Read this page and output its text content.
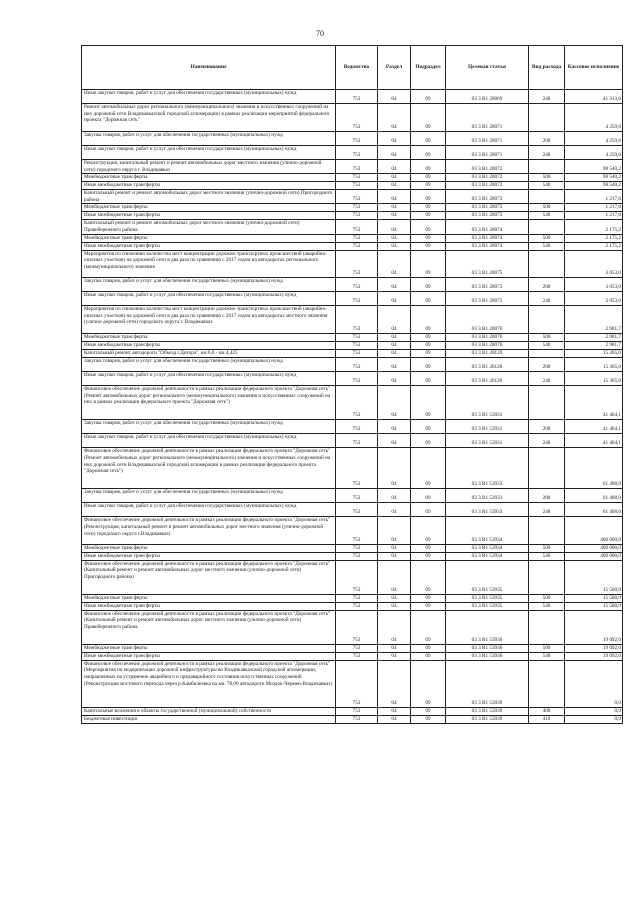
70
Наименование	Ведомство	Раздел	Подраздел	Целевая статья	Вид расхода	Кассовое исполнение
Иные закупки товаров, работ и услуг для обеспечения государственных (муниципальных) нужд	753	04	09	03 3 R1 28069	240	41 313,6
Ремонт автомобильных дорог регионального (межмуниципального) значения и искусственных сооружений на них дорожной сети Владикавказской городской агломерации) в рамках реализации мероприятий федерального проекта "Дорожная сеть"	753	04	09	03 3 R1 28071		4 259,6
Закупка товаров, работ и услуг для обеспечения государственных (муниципальных) нужд	753	04	09	03 3 R1 28071	200	4 259,6
Иные закупки товаров, работ и услуг для обеспечения государственных (муниципальных) нужд	753	04	09	03 3 R1 28071	240	4 259,6
Реконструкция, капитальный ремонт и ремонт автомобильных дорог местного значения (улично-дорожной сети) городского округа г. Владикавказ	753	04	09	03 3 R1 28072		98 540,2
Межбюджетные трансферты	753	04	09	03 3 R1 28072	500	98 540,2
Иные межбюджетные трансферты	753	04	09	03 3 R1 28072	540	98 540,2
Капитальный ремонт и ремонт автомобильных дорог местного значения (улично-дорожной сети) Пригородного района	753	04	09	03 3 R1 28073		1 217,6
Межбюджетные трансферты	753	04	09	03 3 R1 28073	500	1 217,6
Иные межбюджетные трансферты	753	04	09	03 3 R1 28073	540	1 217,6
Капитальный ремонт и ремонт автомобильных дорог местного значения (улично-дорожной сети) Правобережного района	753	04	09	03 3 R1 28074		2 175,2
Межбюджетные трансферты	753	04	09	03 3 R1 28074	500	2 175,2
Иные межбюджетные трансферты	753	04	09	03 3 R1 28074	540	2 175,2
Мероприятия по снижению количества мест концентрации дорожно-транспортных происшествий (аварийно-опасных участков) на дорожной сети в два раза по сравнению с 2017 годом на автодорогах регионального (межмуниципального) значения	753	04	09	03 3 R1 28075		3 053,0
Закупка товаров, работ и услуг для обеспечения государственных (муниципальных) нужд	753	04	09	03 3 R1 28075	200	3 053,0
Иные закупки товаров, работ и услуг для обеспечения государственных (муниципальных) нужд	753	04	09	03 3 R1 28075	240	3 053,0
Мероприятия по снижению количества мест концентрации дорожно-транспортных происшествий (аварийно-опасных участков) на дорожной сети в два раза по сравнению с 2017 годом на автодорогах местного значения (улично-дорожной сети) городского округа г. Владикавказ	753	04	09	03 3 R1 28076		2 981,7
Межбюджетные трансферты	753	04	09	03 3 R1 28076	500	2 981,7
Иные межбюджетные трансферты	753	04	09	03 3 R1 28076	540	2 981,7
Капитальный ремонт автодороги "Объезд г.Дигора", км 0,0 - км 4,425	753	04	09	03 3 R1 28120		15 365,0
Закупка товаров, работ и услуг для обеспечения государственных (муниципальных) нужд	753	04	09	03 3 R1 28120	200	15 365,0
Иные закупки товаров, работ и услуг для обеспечения государственных (муниципальных) нужд	753	04	09	03 3 R1 28120	240	15 365,0
Финансовое обеспечение дорожной деятельности в рамках реализации федерального проекта "Дорожная сеть" (Ремонт автомобильных дорог регионального (межмуниципального) значения и искусственных сооружений на них в рамках реализации федерального проекта "Дорожная сеть")	753	04	09	03 3 R1 53931		41 464,1
Закупка товаров, работ и услуг для обеспечения государственных (муниципальных) нужд	753	04	09	03 3 R1 53931	200	41 464,1
Иные закупки товаров, работ и услуг для обеспечения государственных (муниципальных) нужд	753	04	09	03 3 R1 53931	240	41 464,1
Финансовое обеспечение дорожной деятельности в рамках реализации федерального проекта "Дорожная сеть" (Ремонт автомобильных дорог регионального (межмуниципального) значения и искусственных сооружений на них дорожной сети Владикавказской городской агломерации в рамках реализации федерального проекта "Дорожная сеть")	753	04	09	03 3 R1 53933		61 408,0
Закупка товаров, работ и услуг для обеспечения государственных (муниципальных) нужд	753	04	09	03 3 R1 53933	200	61 408,0
Иные закупки товаров, работ и услуг для обеспечения государственных (муниципальных) нужд	753	04	09	03 3 R1 53933	240	61 408,0
Финансовое обеспечение дорожной деятельности в рамках реализации федерального проекта "Дорожная сеть" (Реконструкция, капитальный ремонт и ремонт автомобильных дорог местного значения (улично-дорожной сети) городского округа г.Владикавказ)	753	04	09	03 3 R1 53934		400 000,0
Межбюджетные трансферты	753	04	09	03 3 R1 53934	500	400 000,0
Иные межбюджетные трансферты	753	04	09	03 3 R1 53934	540	400 000,0
Финансовое обеспечение дорожной деятельности в рамках реализации федерального проекта "Дорожная сеть" (Капитальный ремонт и ремонт автомобильных дорог местного значения (улично-дорожной сети) Пригородного района)	753	04	09	03 3 R1 53935		15 500,0
Межбюджетные трансферты	753	04	09	03 3 R1 53935	500	15 500,0
Иные межбюджетные трансферты	753	04	09	03 3 R1 53935	540	15 500,0
Финансовое обеспечение дорожной деятельности в рамках реализации федерального проекта "Дорожная сеть" (Капитальный ремонт и ремонт автомобильных дорог местного значения (улично-дорожной сети) Правобережного района	753	04	09	03 3 R1 53936		19 092,0
Межбюджетные трансферты	753	04	09	03 3 R1 53936	500	19 092,0
Иные межбюджетные трансферты	753	04	09	03 3 R1 53936	540	19 092,0
Финансовое обеспечение дорожной деятельности в рамках реализации федерального проекта "Дорожная сеть" (Мероприятия по модернизации дорожной инфраструктуры во Владикавказской городской агломерации, направленных на устранение аварийного и предаварийного состояния искусственных сооружений (Реконструкция мостового перехода через р.Камбилеевка на км. 78,06 автодороги Моздок-Чермен-Владикавказ)	753	04	09	03 3 R1 53939		0,0
Капитальные вложения в объекты государственной (муниципальной) собственности	753	04	09	03 3 R1 53939	400	0,0
Бюджетные инвестиции	753	04	09	03 3 R1 53939	410	0,0
